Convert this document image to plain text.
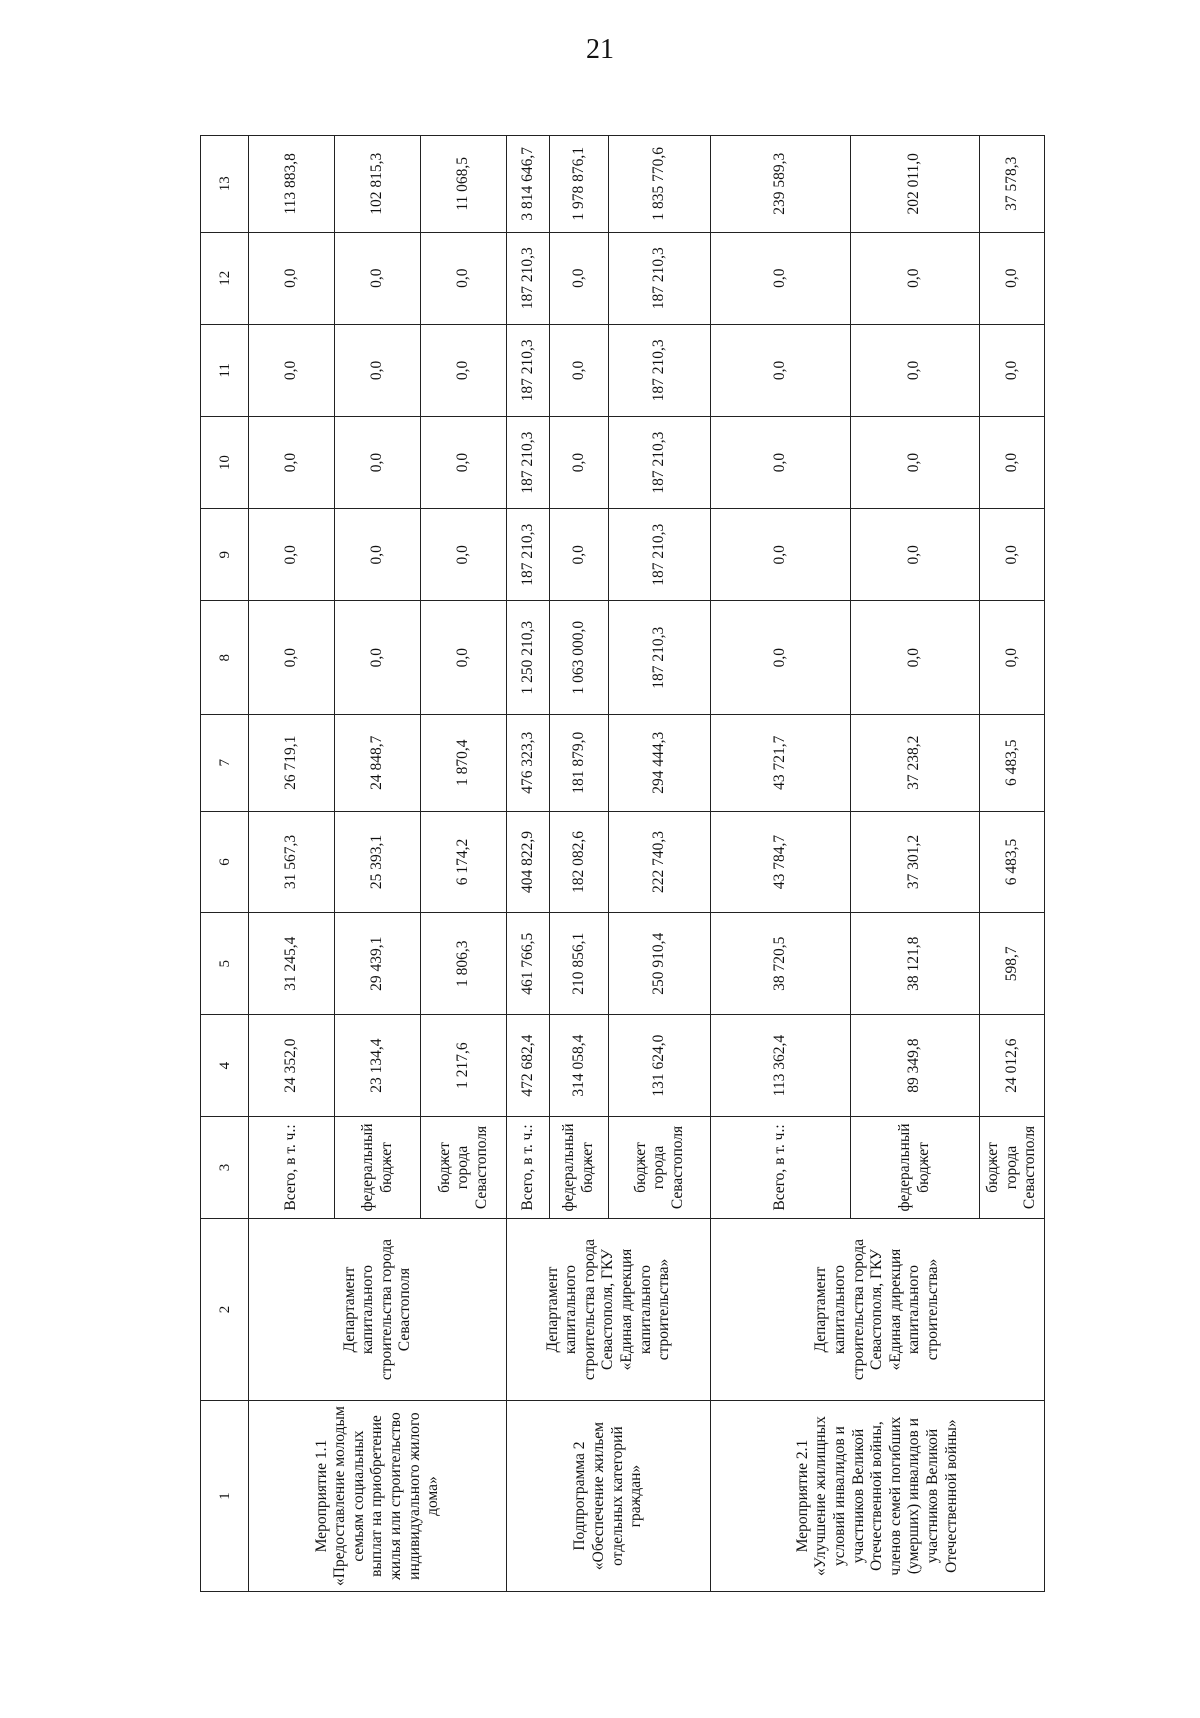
21
1	2	3	4	5	6	7	8	9	10	11	12	13
Мероприятие 1.1 «Предоставление молодым семьям социальных выплат на приобретение жилья или строительство индивидуального жилого дома»	Департамент капитального строительства города Севастополя	Всего, в т. ч.:	24 352,0	31 245,4	31 567,3	26 719,1	0,0	0,0	0,0	0,0	0,0	113 883,8
		федеральный бюджет	23 134,4	29 439,1	25 393,1	24 848,7	0,0	0,0	0,0	0,0	0,0	102 815,3
		бюджет города Севастополя	1 217,6	1 806,3	6 174,2	1 870,4	0,0	0,0	0,0	0,0	0,0	11 068,5
Подпрограмма 2 «Обеспечение жильем отдельных категорий граждан»	Департамент капитального строительства города Севастополя, ГКУ «Единая дирекция капитального строительства»	Всего, в т. ч.:	472 682,4	461 766,5	404 822,9	476 323,3	1 250 210,3	187 210,3	187 210,3	187 210,3	187 210,3	3 814 646,7
		федеральный бюджет	314 058,4	210 856,1	182 082,6	181 879,0	1 063 000,0	0,0	0,0	0,0	0,0	1 978 876,1
		бюджет города Севастополя	131 624,0	250 910,4	222 740,3	294 444,3	187 210,3	187 210,3	187 210,3	187 210,3	187 210,3	1 835 770,6
Мероприятие 2.1 «Улучшение жилищных условий инвалидов и участников Великой Отечественной войны, членов семей погибших (умерших) инвалидов и участников Великой Отечественной войны»	Департамент капитального строительства города Севастополя, ГКУ «Единая дирекция капитального строительства»	Всего, в т. ч.:	113 362,4	38 720,5	43 784,7	43 721,7	0,0	0,0	0,0	0,0	0,0	239 589,3
		федеральный бюджет	89 349,8	38 121,8	37 301,2	37 238,2	0,0	0,0	0,0	0,0	0,0	202 011,0
		бюджет города Севастополя	24 012,6	598,7	6 483,5	6 483,5	0,0	0,0	0,0	0,0	0,0	37 578,3
